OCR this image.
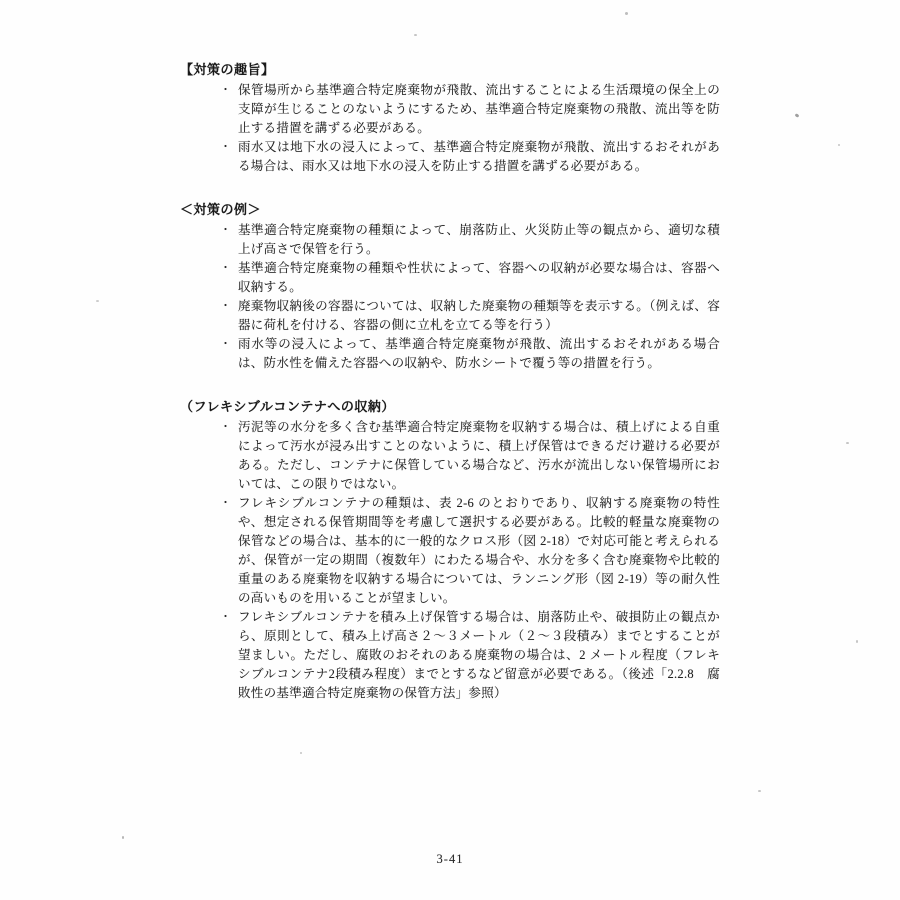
【対策の趣旨】
・ 保管場所から基準適合特定廃棄物が飛散、流出することによる生活環境の保全上の支障が生じることのないようにするため、基準適合特定廃棄物の飛散、流出等を防止する措置を講ずる必要がある。
・ 雨水又は地下水の浸入によって、基準適合特定廃棄物が飛散、流出するおそれがある場合は、雨水又は地下水の浸入を防止する措置を講ずる必要がある。
＜対策の例＞
・ 基準適合特定廃棄物の種類によって、崩落防止、火災防止等の観点から、適切な積上げ高さで保管を行う。
・ 基準適合特定廃棄物の種類や性状によって、容器への収納が必要な場合は、容器へ収納する。
・ 廃棄物収納後の容器については、収納した廃棄物の種類等を表示する。（例えば、容器に荷札を付ける、容器の側に立札を立てる等を行う）
・ 雨水等の浸入によって、基準適合特定廃棄物が飛散、流出するおそれがある場合は、防水性を備えた容器への収納や、防水シートで覆う等の措置を行う。
（フレキシブルコンテナへの収納）
・ 汚泥等の水分を多く含む基準適合特定廃棄物を収納する場合は、積上げによる自重によって汚水が浸み出すことのないように、積上げ保管はできるだけ避ける必要がある。ただし、コンテナに保管している場合など、汚水が流出しない保管場所においては、この限りではない。
・ フレキシブルコンテナの種類は、表 2-6 のとおりであり、収納する廃棄物の特性や、想定される保管期間等を考慮して選択する必要がある。比較的軽量な廃棄物の保管などの場合は、基本的に一般的なクロス形（図 2-18）で対応可能と考えられるが、保管が一定の期間（複数年）にわたる場合や、水分を多く含む廃棄物や比較的重量のある廃棄物を収納する場合については、ランニング形（図 2-19）等の耐久性の高いものを用いることが望ましい。
・ フレキシブルコンテナを積み上げ保管する場合は、崩落防止や、破損防止の観点から、原則として、積み上げ高さ２～３メートル（２～３段積み）までとすることが望ましい。ただし、腐敗のおそれのある廃棄物の場合は、2 メートル程度（フレキシブルコンテナ2段積み程度）までとするなど留意が必要である。（後述「2.2.8　腐敗性の基準適合特定廃棄物の保管方法」参照）
3-41
